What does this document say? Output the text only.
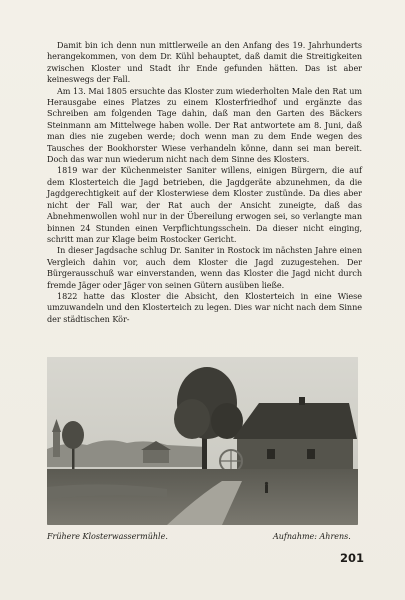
Damit bin ich denn nun mittlerweile an den Anfang des 19. Jahrhunderts herangekommen, von dem Dr. Kühl behauptet, daß damit die Streitigkeiten zwischen Kloster und Stadt ihr Ende gefunden hätten. Das ist aber keineswegs der Fall.

Am 13. Mai 1805 ersuchte das Kloster zum wiederholten Male den Rat um Herausgabe eines Platzes zu einem Klosterfriedhof und ergänzte das Schreiben am folgenden Tage dahin, daß man den Garten des Bäckers Steinmann am Mittelwege haben wolle. Der Rat antwortete am 8. Juni, daß man dies nie zugeben werde; doch wenn man zu dem Ende wegen des Tausches der Bookhorster Wiese verhandeln könne, dann sei man bereit. Doch das war nun wiederum nicht nach dem Sinne des Klosters.

1819 war der Küchenmeister Saniter willens, einigen Bürgern, die auf dem Klosterteich die Jagd betrieben, die Jagdgerätе abzunehmen, da die Jagdgerechtigkeit auf der Klosterwiese dem Kloster zustünde. Da dies aber nicht der Fall war, der Rat auch der Ansicht zuneigte, daß das Abnehmenwollen wohl nur in der Übereilung erwogen sei, so verlangte man binnen 24 Stunden einen Verpflichtungsschein. Da dieser nicht einging, schritt man zur Klage beim Rostocker Gericht.

In dieser Jagdsache schlug Dr. Saniter in Rostock im nächsten Jahre einen Vergleich dahin vor, auch dem Kloster die Jagd zuzugestehen. Der Bürgerausschuß war einverstanden, wenn das Kloster die Jagd nicht durch fremde Jäger oder Jäger von seinen Gütern ausüben ließe.

1822 hatte das Kloster die Absicht, den Klosterteich in eine Wiese umzuwandeln und den Klosterteich zu legen. Dies war nicht nach dem Sinne der städtischen Kör-

Frühere Klosterwassermühle.	Aufnahme: Ahrens.
201
